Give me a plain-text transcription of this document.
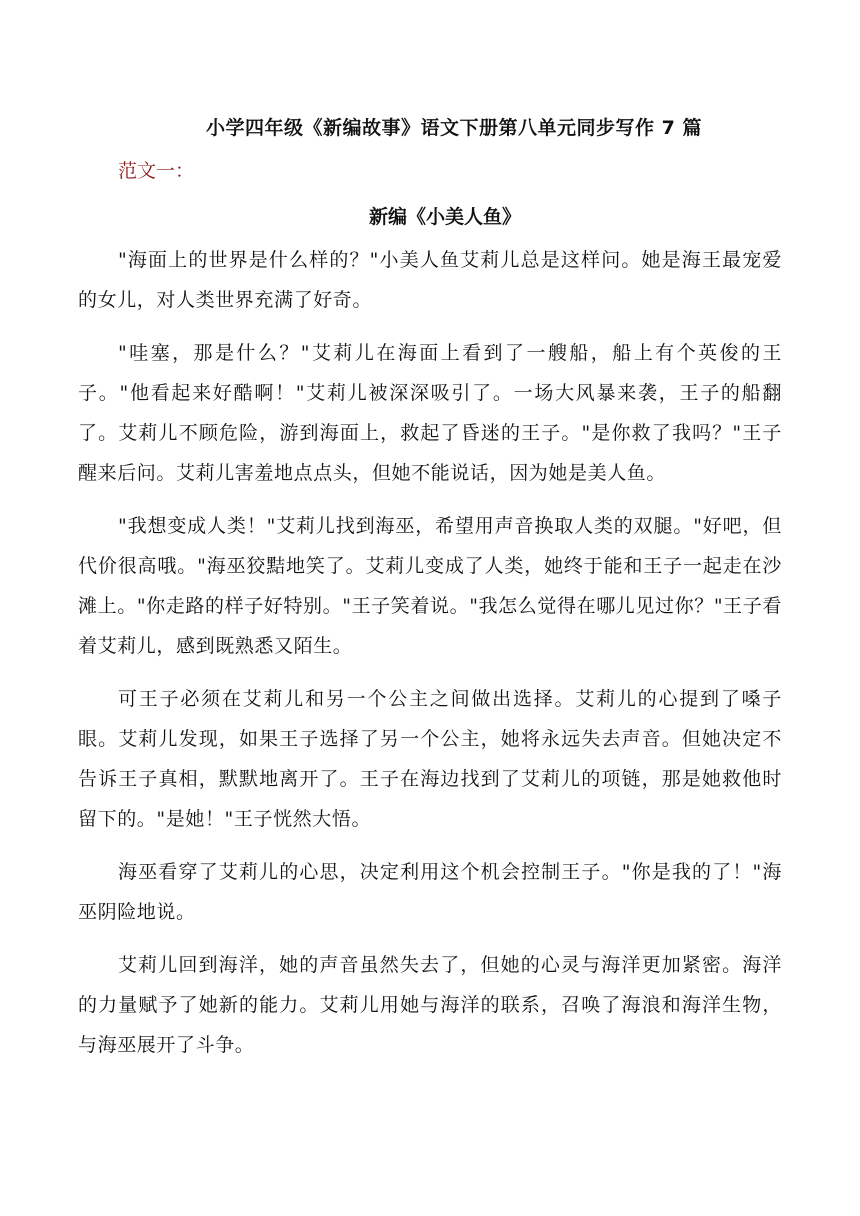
小学四年级《新编故事》语文下册第八单元同步写作 7 篇
范文一：
新编《小美人鱼》

"海面上的世界是什么样的？"小美人鱼艾莉儿总是这样问。她是海王最宠爱的女儿，对人类世界充满了好奇。

"哇塞，那是什么？"艾莉儿在海面上看到了一艘船，船上有个英俊的王子。"他看起来好酷啊！"艾莉儿被深深吸引了。一场大风暴来袭，王子的船翻了。艾莉儿不顾危险，游到海面上，救起了昏迷的王子。"是你救了我吗？"王子醒来后问。艾莉儿害羞地点点头，但她不能说话，因为她是美人鱼。

"我想变成人类！"艾莉儿找到海巫，希望用声音换取人类的双腿。"好吧，但代价很高哦。"海巫狡黠地笑了。艾莉儿变成了人类，她终于能和王子一起走在沙滩上。"你走路的样子好特别。"王子笑着说。"我怎么觉得在哪儿见过你？"王子看着艾莉儿，感到既熟悉又陌生。

可王子必须在艾莉儿和另一个公主之间做出选择。艾莉儿的心提到了嗓子眼。艾莉儿发现，如果王子选择了另一个公主，她将永远失去声音。但她决定不告诉王子真相，默默地离开了。王子在海边找到了艾莉儿的项链，那是她救他时留下的。"是她！"王子恍然大悟。

海巫看穿了艾莉儿的心思，决定利用这个机会控制王子。"你是我的了！"海巫阴险地说。

艾莉儿回到海洋，她的声音虽然失去了，但她的心灵与海洋更加紧密。海洋的力量赋予了她新的能力。艾莉儿用她与海洋的联系，召唤了海浪和海洋生物，与海巫展开了斗争。
